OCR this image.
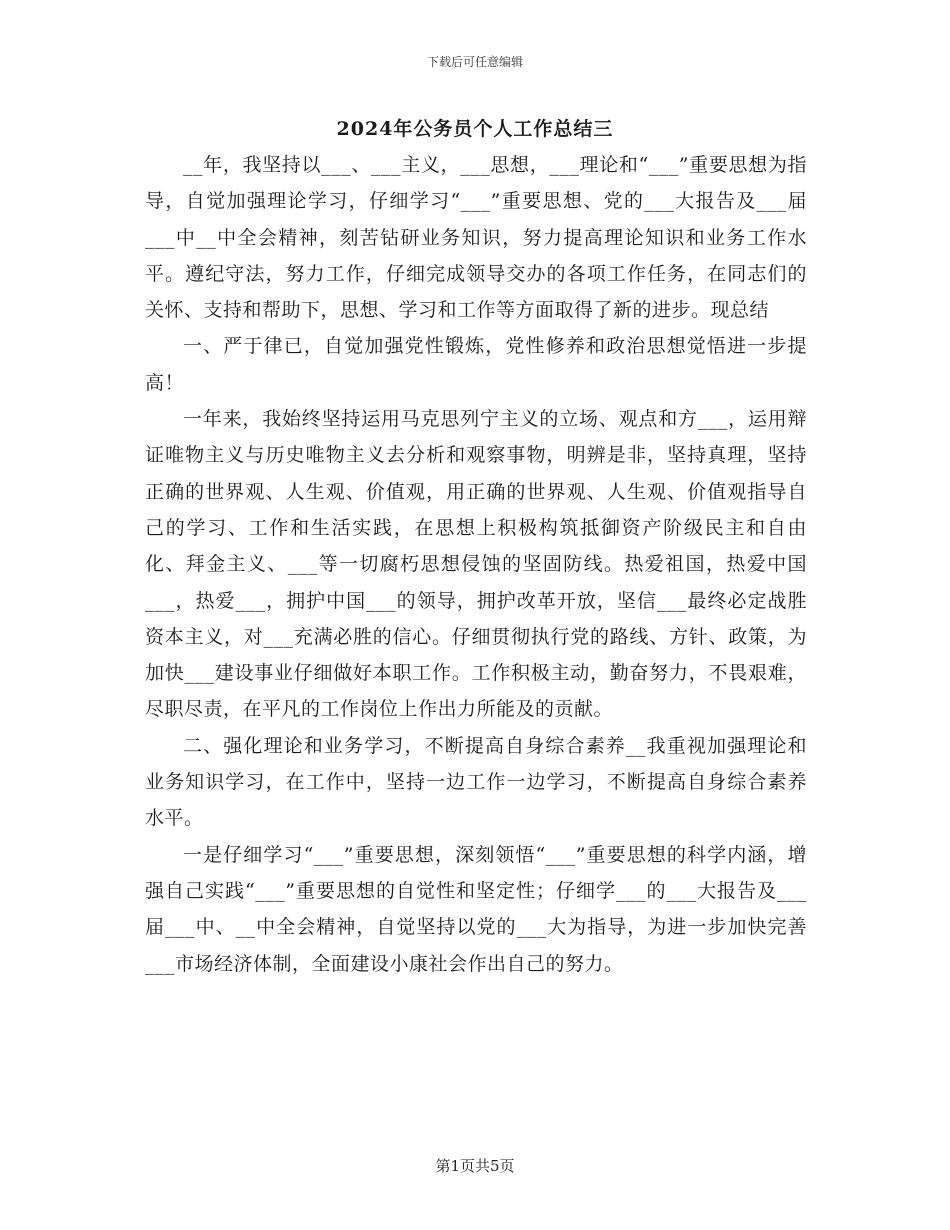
下载后可任意编辑
2024年公务员个人工作总结三

__年，我坚持以___、___主义，___思想，___理论和“___”重要思想为指导，自觉加强理论学习，仔细学习“___”重要思想、党的___大报告及___届___中__中全会精神，刻苦钻研业务知识，努力提高理论知识和业务工作水平。遵纪守法，努力工作，仔细完成领导交办的各项工作任务，在同志们的关怀、支持和帮助下，思想、学习和工作等方面取得了新的进步。现总结

一、严于律已，自觉加强党性锻炼，党性修养和政治思想觉悟进一步提高！

一年来，我始终坚持运用马克思列宁主义的立场、观点和方___，运用辩证唯物主义与历史唯物主义去分析和观察事物，明辨是非，坚持真理，坚持正确的世界观、人生观、价值观，用正确的世界观、人生观、价值观指导自己的学习、工作和生活实践，在思想上积极构筑抵御资产阶级民主和自由化、拜金主义、___等一切腐朽思想侵蚀的坚固防线。热爱祖国，热爱中国___，热爱___，拥护中国___的领导，拥护改革开放，坚信___最终必定战胜资本主义，对___充满必胜的信心。仔细贯彻执行党的路线、方针、政策，为加快___建设事业仔细做好本职工作。工作积极主动，勤奋努力，不畏艰难，尽职尽责，在平凡的工作岗位上作出力所能及的贡献。

二、强化理论和业务学习，不断提高自身综合素养__我重视加强理论和业务知识学习，在工作中，坚持一边工作一边学习，不断提高自身综合素养水平。

一是仔细学习“___”重要思想，深刻领悟“___”重要思想的科学内涵，增强自己实践“___”重要思想的自觉性和坚定性；仔细学___的___大报告及___届___中、__中全会精神，自觉坚持以党的___大为指导，为进一步加快完善___市场经济体制，全面建设小康社会作出自己的努力。

第1页共5页
